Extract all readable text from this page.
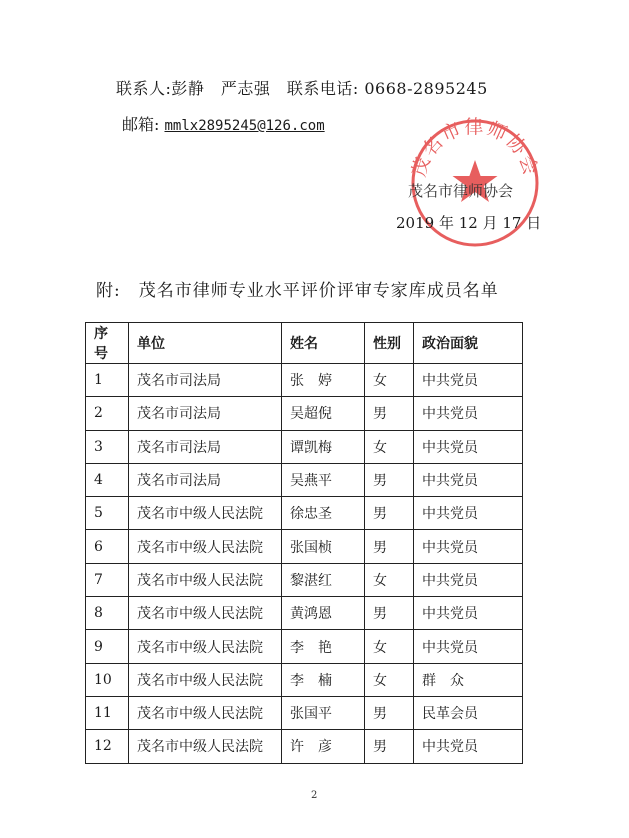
联系人:彭静　严志强　联系电话: 0668-2895245
邮箱: mmlx2895245@126.com
茂名市律师协会
茂名市律师协会
2019 年 12 月 17 日
附:　茂名市律师专业水平评价评审专家库成员名单
序号	单位	姓名	性别	政治面貌
1	茂名市司法局	张　婷	女	中共党员
2	茂名市司法局	吴超倪	男	中共党员
3	茂名市司法局	谭凯梅	女	中共党员
4	茂名市司法局	吴燕平	男	中共党员
5	茂名市中级人民法院	徐忠圣	男	中共党员
6	茂名市中级人民法院	张国桢	男	中共党员
7	茂名市中级人民法院	黎湛红	女	中共党员
8	茂名市中级人民法院	黄鸿恩	男	中共党员
9	茂名市中级人民法院	李　艳	女	中共党员
10	茂名市中级人民法院	李　楠	女	群　众
11	茂名市中级人民法院	张国平	男	民革会员
12	茂名市中级人民法院	许　彦	男	中共党员
2
